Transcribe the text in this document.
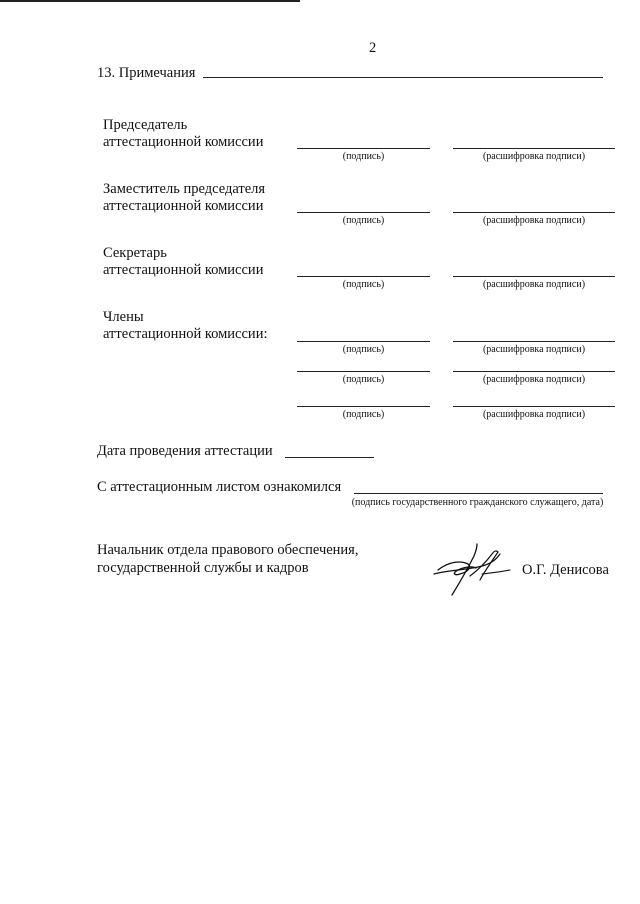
2
13. Примечания
Председатель
аттестационной комиссии
(подпись)	(расшифровка подписи)
Заместитель председателя
аттестационной комиссии
(подпись)	(расшифровка подписи)
Секретарь
аттестационной комиссии
(подпись)	(расшифровка подписи)
Члены
аттестационной комиссии:
(подпись)	(расшифровка подписи)
(подпись)	(расшифровка подписи)
(подпись)	(расшифровка подписи)
Дата проведения аттестации
С аттестационным листом ознакомился
(подпись государственного гражданского служащего, дата)
Начальник отдела правового обеспечения,
государственной службы и кадров	О.Г. Денисова
